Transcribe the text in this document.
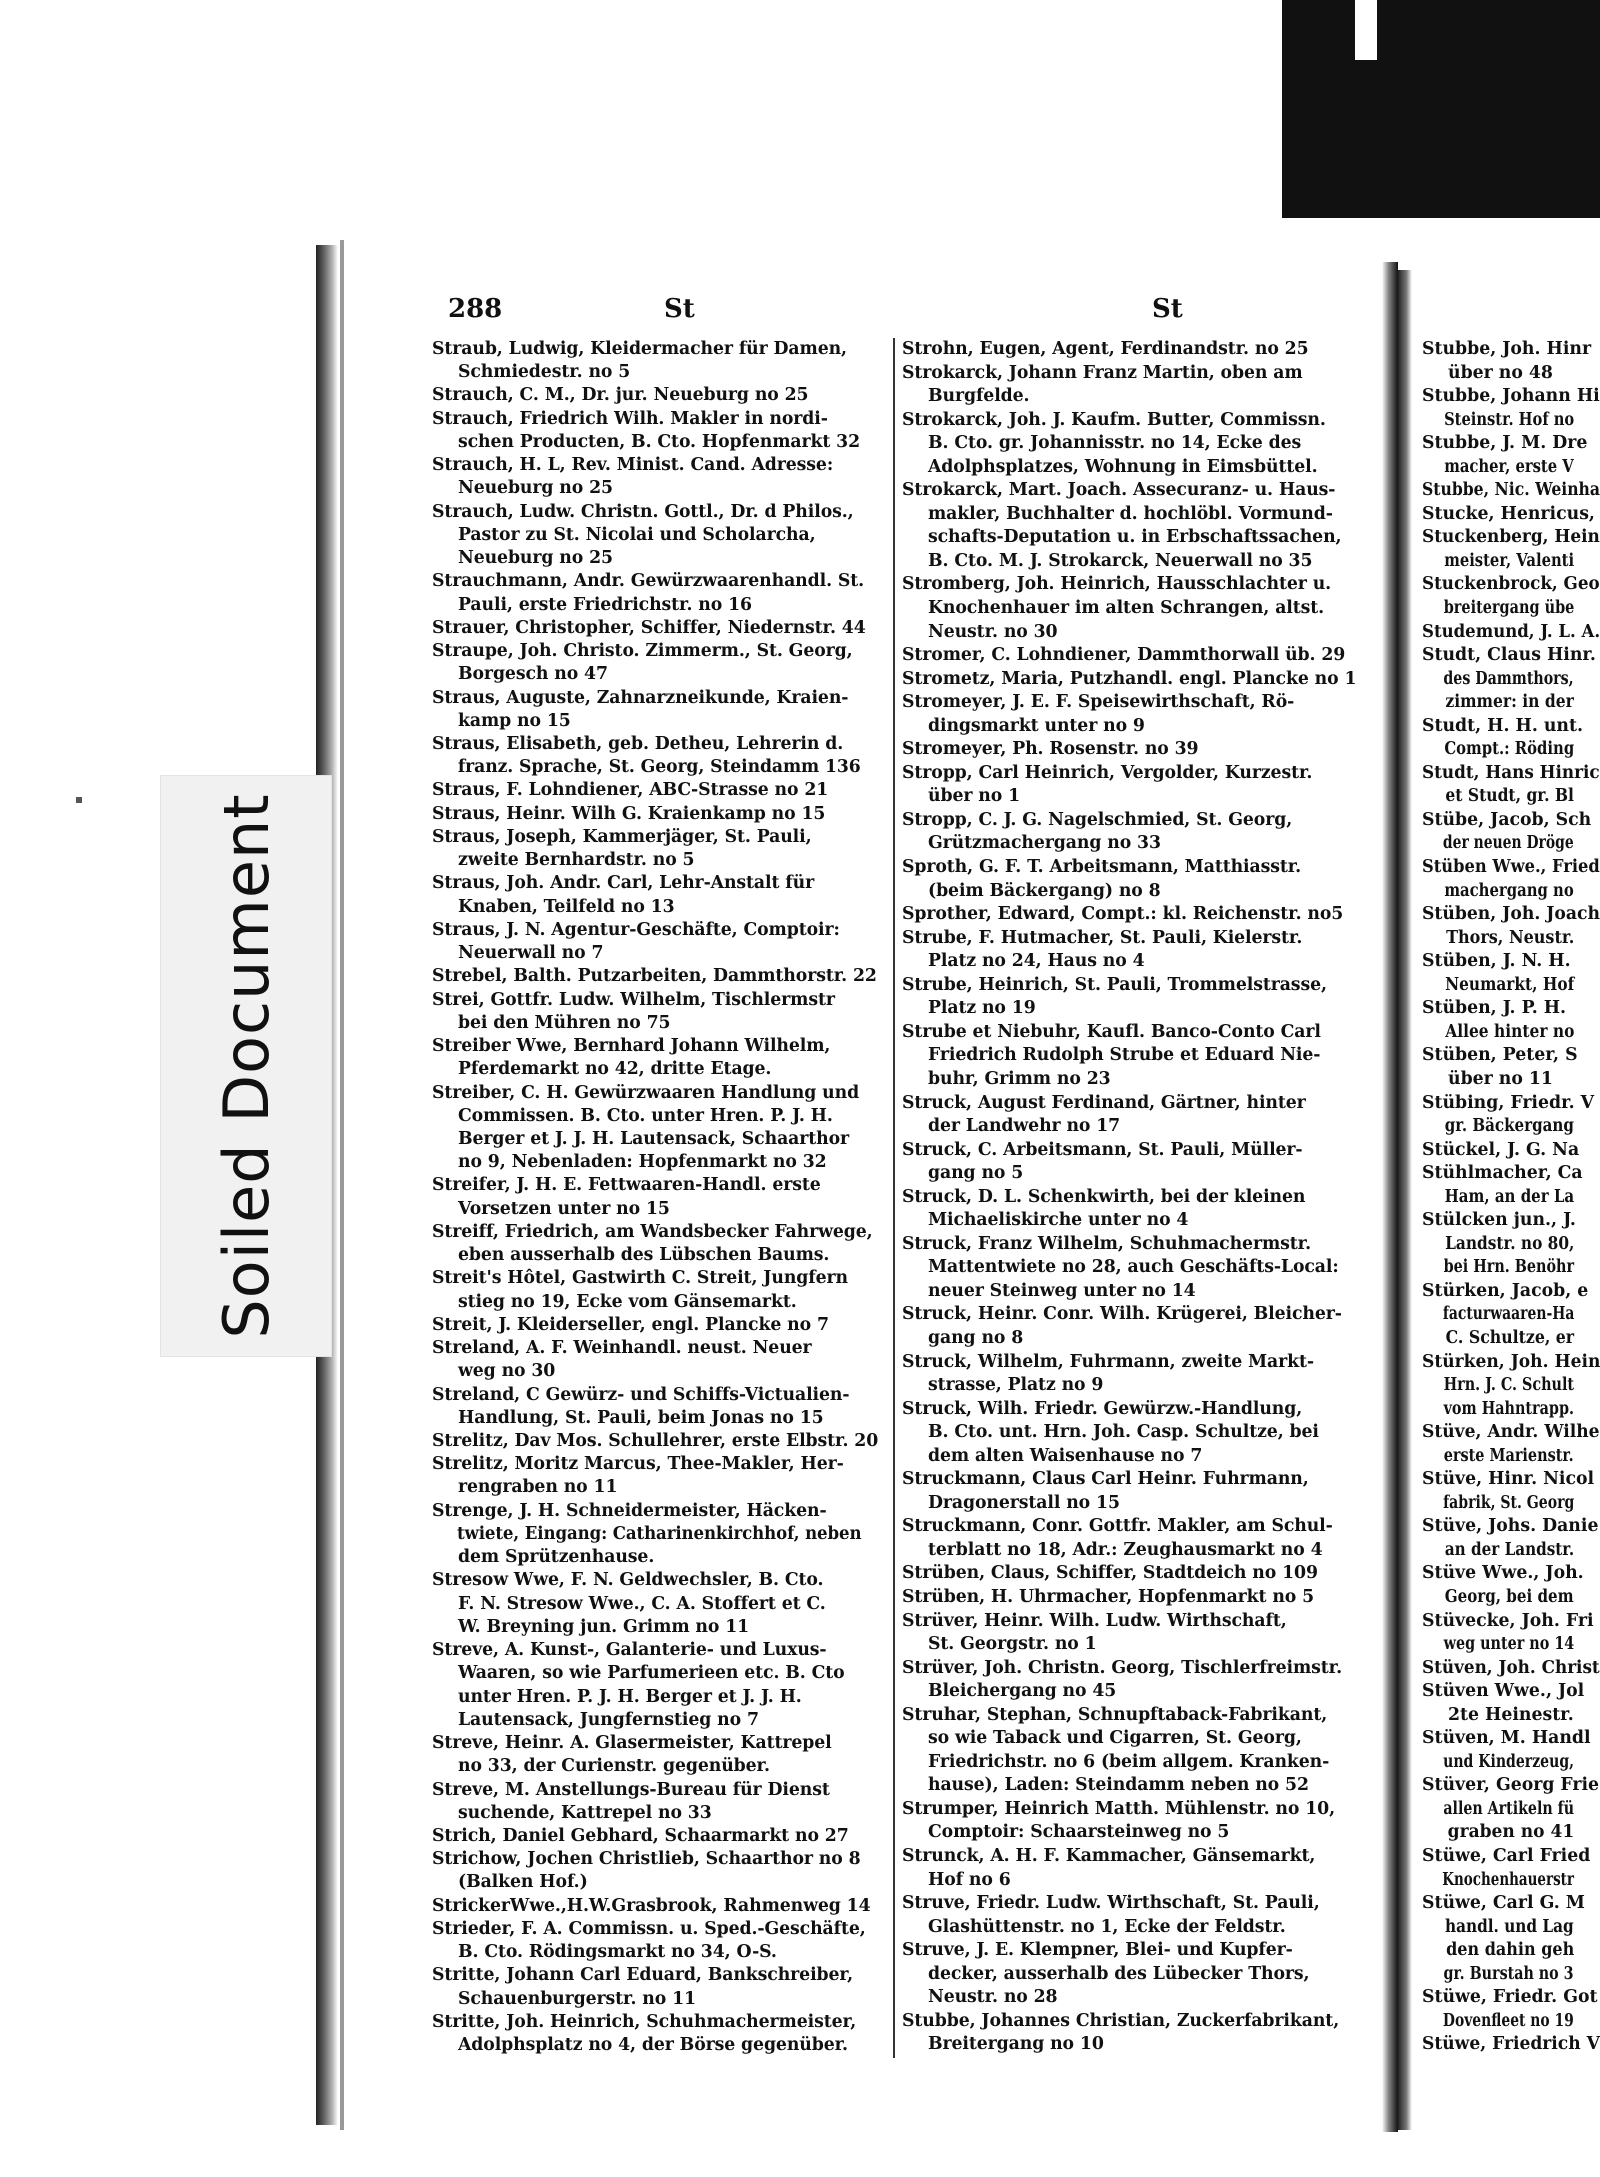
Soiled Document
288	St	St
Straub, Ludwig, Kleidermacher für Damen,
Schmiedestr. no 5
Strauch, C. M., Dr. jur. Neueburg no 25
Strauch, Friedrich Wilh. Makler in nordi-
schen Producten, B. Cto. Hopfenmarkt 32
Strauch, H. L, Rev. Minist. Cand. Adresse:
Neueburg no 25
Strauch, Ludw. Christn. Gottl., Dr. d Philos.,
Pastor zu St. Nicolai und Scholarcha,
Neueburg no 25
Strauchmann, Andr. Gewürzwaarenhandl. St.
Pauli, erste Friedrichstr. no 16
Strauer, Christopher, Schiffer, Niedernstr. 44
Straupe, Joh. Christo. Zimmerm., St. Georg,
Borgesch no 47
Straus, Auguste, Zahnarzneikunde, Kraien-
kamp no 15
Straus, Elisabeth, geb. Detheu, Lehrerin d.
franz. Sprache, St. Georg, Steindamm 136
Straus, F. Lohndiener, ABC-Strasse no 21
Straus, Heinr. Wilh G. Kraienkamp no 15
Straus, Joseph, Kammerjäger, St. Pauli,
zweite Bernhardstr. no 5
Straus, Joh. Andr. Carl, Lehr-Anstalt für
Knaben, Teilfeld no 13
Straus, J. N. Agentur-Geschäfte, Comptoir:
Neuerwall no 7
Strebel, Balth. Putzarbeiten, Dammthorstr. 22
Strei, Gottfr. Ludw. Wilhelm, Tischlermstr
bei den Mühren no 75
Streiber Wwe, Bernhard Johann Wilhelm,
Pferdemarkt no 42, dritte Etage.
Streiber, C. H. Gewürzwaaren Handlung und
Commissen. B. Cto. unter Hren. P. J. H.
Berger et J. J. H. Lautensack, Schaarthor
no 9, Nebenladen: Hopfenmarkt no 32
Streifer, J. H. E. Fettwaaren-Handl. erste
Vorsetzen unter no 15
Streiff, Friedrich, am Wandsbecker Fahrwege,
eben ausserhalb des Lübschen Baums.
Streit's Hôtel, Gastwirth C. Streit, Jungfern
stieg no 19, Ecke vom Gänsemarkt.
Streit, J. Kleiderseller, engl. Plancke no 7
Streland, A. F. Weinhandl. neust. Neuer
weg no 30
Streland, C Gewürz- und Schiffs-Victualien-
Handlung, St. Pauli, beim Jonas no 15
Strelitz, Dav Mos. Schullehrer, erste Elbstr. 20
Strelitz, Moritz Marcus, Thee-Makler, Her-
rengraben no 11
Strenge, J. H. Schneidermeister, Häcken-
twiete, Eingang: Catharinenkirchhof, neben
dem Sprützenhause.
Stresow Wwe, F. N. Geldwechsler, B. Cto.
F. N. Stresow Wwe., C. A. Stoffert et C.
W. Breyning jun. Grimm no 11
Streve, A. Kunst-, Galanterie- und Luxus-
Waaren, so wie Parfumerieen etc. B. Cto
unter Hren. P. J. H. Berger et J. J. H.
Lautensack, Jungfernstieg no 7
Streve, Heinr. A. Glasermeister, Kattrepel
no 33, der Curienstr. gegenüber.
Streve, M. Anstellungs-Bureau für Dienst
suchende, Kattrepel no 33
Strich, Daniel Gebhard, Schaarmarkt no 27
Strichow, Jochen Christlieb, Schaarthor no 8
(Balken Hof.)
StrickerWwe.,H.W.Grasbrook, Rahmenweg 14
Strieder, F. A. Commissn. u. Sped.-Geschäfte,
B. Cto. Rödingsmarkt no 34, O-S.
Stritte, Johann Carl Eduard, Bankschreiber,
Schauenburgerstr. no 11
Stritte, Joh. Heinrich, Schuhmachermeister,
Adolphsplatz no 4, der Börse gegenüber.
Strohn, Eugen, Agent, Ferdinandstr. no 25
Strokarck, Johann Franz Martin, oben am
Burgfelde.
Strokarck, Joh. J. Kaufm. Butter, Commissn.
B. Cto. gr. Johannisstr. no 14, Ecke des
Adolphsplatzes, Wohnung in Eimsbüttel.
Strokarck, Mart. Joach. Assecuranz- u. Haus-
makler, Buchhalter d. hochlöbl. Vormund-
schafts-Deputation u. in Erbschaftssachen,
B. Cto. M. J. Strokarck, Neuerwall no 35
Stromberg, Joh. Heinrich, Hausschlachter u.
Knochenhauer im alten Schrangen, altst.
Neustr. no 30
Stromer, C. Lohndiener, Dammthorwall üb. 29
Strometz, Maria, Putzhandl. engl. Plancke no 1
Stromeyer, J. E. F. Speisewirthschaft, Rö-
dingsmarkt unter no 9
Stromeyer, Ph. Rosenstr. no 39
Stropp, Carl Heinrich, Vergolder, Kurzestr.
über no 1
Stropp, C. J. G. Nagelschmied, St. Georg,
Grützmachergang no 33
Sproth, G. F. T. Arbeitsmann, Matthiasstr.
(beim Bäckergang) no 8
Sprother, Edward, Compt.: kl. Reichenstr. no5
Strube, F. Hutmacher, St. Pauli, Kielerstr.
Platz no 24, Haus no 4
Strube, Heinrich, St. Pauli, Trommelstrasse,
Platz no 19
Strube et Niebuhr, Kaufl. Banco-Conto Carl
Friedrich Rudolph Strube et Eduard Nie-
buhr, Grimm no 23
Struck, August Ferdinand, Gärtner, hinter
der Landwehr no 17
Struck, C. Arbeitsmann, St. Pauli, Müller-
gang no 5
Struck, D. L. Schenkwirth, bei der kleinen
Michaeliskirche unter no 4
Struck, Franz Wilhelm, Schuhmachermstr.
Mattentwiete no 28, auch Geschäfts-Local:
neuer Steinweg unter no 14
Struck, Heinr. Conr. Wilh. Krügerei, Bleicher-
gang no 8
Struck, Wilhelm, Fuhrmann, zweite Markt-
strasse, Platz no 9
Struck, Wilh. Friedr. Gewürzw.-Handlung,
B. Cto. unt. Hrn. Joh. Casp. Schultze, bei
dem alten Waisenhause no 7
Struckmann, Claus Carl Heinr. Fuhrmann,
Dragonerstall no 15
Struckmann, Conr. Gottfr. Makler, am Schul-
terblatt no 18, Adr.: Zeughausmarkt no 4
Strüben, Claus, Schiffer, Stadtdeich no 109
Strüben, H. Uhrmacher, Hopfenmarkt no 5
Strüver, Heinr. Wilh. Ludw. Wirthschaft,
St. Georgstr. no 1
Strüver, Joh. Christn. Georg, Tischlerfreimstr.
Bleichergang no 45
Struhar, Stephan, Schnupftaback-Fabrikant,
so wie Taback und Cigarren, St. Georg,
Friedrichstr. no 6 (beim allgem. Kranken-
hause), Laden: Steindamm neben no 52
Strumper, Heinrich Matth. Mühlenstr. no 10,
Comptoir: Schaarsteinweg no 5
Strunck, A. H. F. Kammacher, Gänsemarkt,
Hof no 6
Struve, Friedr. Ludw. Wirthschaft, St. Pauli,
Glashüttenstr. no 1, Ecke der Feldstr.
Struve, J. E. Klempner, Blei- und Kupfer-
decker, ausserhalb des Lübecker Thors,
Neustr. no 28
Stubbe, Johannes Christian, Zuckerfabrikant,
Breitergang no 10
Stubbe, Joh. Hinr
über no 48
Stubbe, Johann Hi
Steinstr. Hof no
Stubbe, J. M. Dre
macher, erste V
Stubbe, Nic. Weinha
Stucke, Henricus,
Stuckenberg, Hein
meister, Valenti
Stuckenbrock, Geo
breitergang übe
Studemund, J. L. A.
Studt, Claus Hinr.
des Dammthors,
zimmer: in der
Studt, H. H. unt.
Compt.: Röding
Studt, Hans Hinric
et Studt, gr. Bl
Stübe, Jacob, Sch
der neuen Dröge
Stüben Wwe., Fried
machergang no
Stüben, Joh. Joach
Thors, Neustr.
Stüben, J. N. H.
Neumarkt, Hof
Stüben, J. P. H.
Allee hinter no
Stüben, Peter, S
über no 11
Stübing, Friedr. V
gr. Bäckergang
Stückel, J. G. Na
Stühlmacher, Ca
Ham, an der La
Stülcken jun., J.
Landstr. no 80,
bei Hrn. Benöhr
Stürken, Jacob, e
facturwaaren-Ha
C. Schultze, er
Stürken, Joh. Hein
Hrn. J. C. Schult
vom Hahntrapp.
Stüve, Andr. Wilhe
erste Marienstr.
Stüve, Hinr. Nicol
fabrik, St. Georg
Stüve, Johs. Danie
an der Landstr.
Stüve Wwe., Joh.
Georg, bei dem
Stüvecke, Joh. Fri
weg unter no 14
Stüven, Joh. Christ
Stüven Wwe., Jol
2te Heinestr.
Stüven, M. Handl
und Kinderzeug,
Stüver, Georg Frie
allen Artikeln fü
graben no 41
Stüwe, Carl Fried
Knochenhauerstr
Stüwe, Carl G. M
handl. und Lag
den dahin geh
gr. Burstah no 3
Stüwe, Friedr. Got
Dovenfleet no 19
Stüwe, Friedrich V
